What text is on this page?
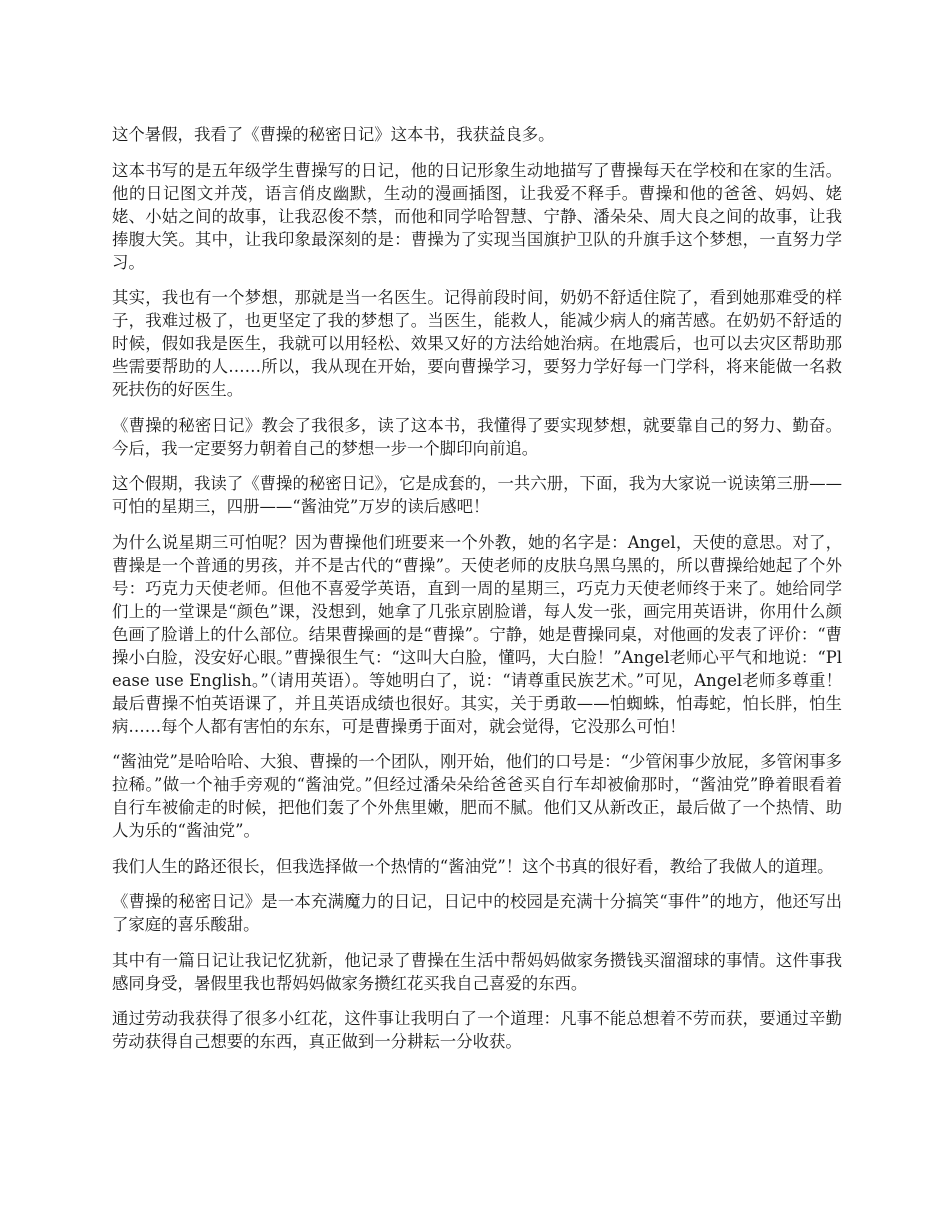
这个暑假，我看了《曹操的秘密日记》这本书，我获益良多。

这本书写的是五年级学生曹操写的日记，他的日记形象生动地描写了曹操每天在学校和在家的生活。他的日记图文并茂，语言俏皮幽默，生动的漫画插图，让我爱不释手。曹操和他的爸爸、妈妈、姥姥、小姑之间的故事，让我忍俊不禁，而他和同学哈智慧、宁静、潘朵朵、周大良之间的故事，让我捧腹大笑。其中，让我印象最深刻的是：曹操为了实现当国旗护卫队的升旗手这个梦想，一直努力学习。

其实，我也有一个梦想，那就是当一名医生。记得前段时间，奶奶不舒适住院了，看到她那难受的样子，我难过极了，也更坚定了我的梦想了。当医生，能救人，能减少病人的痛苦感。在奶奶不舒适的时候，假如我是医生，我就可以用轻松、效果又好的方法给她治病。在地震后，也可以去灾区帮助那些需要帮助的人……所以，我从现在开始，要向曹操学习，要努力学好每一门学科，将来能做一名救死扶伤的好医生。

《曹操的秘密日记》教会了我很多，读了这本书，我懂得了要实现梦想，就要靠自己的努力、勤奋。今后，我一定要努力朝着自己的梦想一步一个脚印向前追。

这个假期，我读了《曹操的秘密日记》，它是成套的，一共六册，下面，我为大家说一说读第三册——可怕的星期三，四册——“酱油党”万岁的读后感吧！

为什么说星期三可怕呢？因为曹操他们班要来一个外教，她的名字是：Angel，天使的意思。对了，曹操是一个普通的男孩，并不是古代的“曹操”。天使老师的皮肤乌黑乌黑的，所以曹操给她起了个外号：巧克力天使老师。但他不喜爱学英语，直到一周的星期三，巧克力天使老师终于来了。她给同学们上的一堂课是“颜色”课，没想到，她拿了几张京剧脸谱，每人发一张，画完用英语讲，你用什么颜色画了脸谱上的什么部位。结果曹操画的是“曹操”。宁静，她是曹操同桌，对他画的发表了评价：“曹操小白脸，没安好心眼。”曹操很生气：“这叫大白脸，懂吗，大白脸！”Angel老师心平气和地说：“Please use English。”（请用英语）。等她明白了，说：“请尊重民族艺术。”可见，Angel老师多尊重！最后曹操不怕英语课了，并且英语成绩也很好。其实，关于勇敢——怕蜘蛛，怕毒蛇，怕长胖，怕生病……每个人都有害怕的东东，可是曹操勇于面对，就会觉得，它没那么可怕！

“酱油党”是哈哈哈、大狼、曹操的一个团队，刚开始，他们的口号是：“少管闲事少放屁，多管闲事多拉稀。”做一个袖手旁观的“酱油党。”但经过潘朵朵给爸爸买自行车却被偷那时，“酱油党”睁着眼看着自行车被偷走的时候，把他们轰了个外焦里嫩，肥而不腻。他们又从新改正，最后做了一个热情、助人为乐的“酱油党”。

我们人生的路还很长，但我选择做一个热情的“酱油党”！这个书真的很好看，教给了我做人的道理。

《曹操的秘密日记》是一本充满魔力的日记，日记中的校园是充满十分搞笑“事件”的地方，他还写出了家庭的喜乐酸甜。

其中有一篇日记让我记忆犹新，他记录了曹操在生活中帮妈妈做家务攒钱买溜溜球的事情。这件事我感同身受，暑假里我也帮妈妈做家务攒红花买我自己喜爱的东西。

通过劳动我获得了很多小红花，这件事让我明白了一个道理：凡事不能总想着不劳而获，要通过辛勤劳动获得自己想要的东西，真正做到一分耕耘一分收获。
